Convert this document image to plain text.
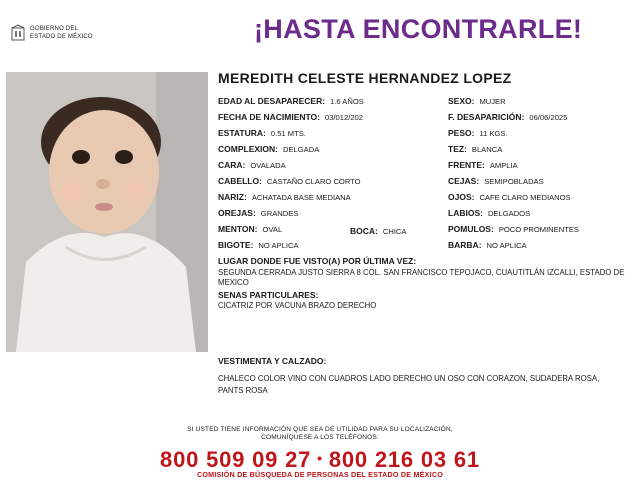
GOBIERNO DEL
ESTADO DE MÉXICO	¡HASTA ENCONTRARLE!
MEREDITH CELESTE HERNANDEZ LOPEZ
EDAD AL DESAPARECER: 1.6 AÑOS
FECHA DE NACIMIENTO: 03/012/202
ESTATURA: 0.51 MTS.
COMPLEXION: DELGADA
CARA: OVALADA
CABELLO: CASTAÑO CLARO CORTO
NARIZ: ACHATADA BASE MEDIANA
OREJAS: GRANDES
MENTON: OVAL
BIGOTE: NO APLICA
BOCA: CHICA
SEXO: MUJER
F. DESAPARICIÓN: 06/06/2025
PESO: 11 KGS.
TEZ: BLANCA
FRENTE: AMPLIA
CEJAS: SEMIPOBLADAS
OJOS: CAFE CLARO MEDIANOS
LABIOS: DELGADOS
POMULOS: POCO PROMINENTES
BARBA: NO APLICA
LUGAR DONDE FUE VISTO(A) POR ÚLTIMA VEZ:
SEGUNDA CERRADA JUSTO SIERRA 8 COL. SAN FRANCISCO TEPOJACO, CUAUTITLÁN IZCALLI, ESTADO DE MEXICO
SENAS PARTICULARES:
CICATRIZ POR VACUNA BRAZO DERECHO
VESTIMENTA Y CALZADO:
CHALECO COLOR VINO CON CUADROS LADO DERECHO UN OSO CON CORAZON, SUDADERA ROSA, PANTS ROSA
SI USTED TIENE INFORMACIÓN QUE SEA DE UTILIDAD PARA SU LOCALIZACIÓN,
COMUNÍQUESE A LOS TELÉFONOS:
800 509 09 27 • 800 216 03 61
COMISIÓN DE BÚSQUEDA DE PERSONAS DEL ESTADO DE MÉXICO
